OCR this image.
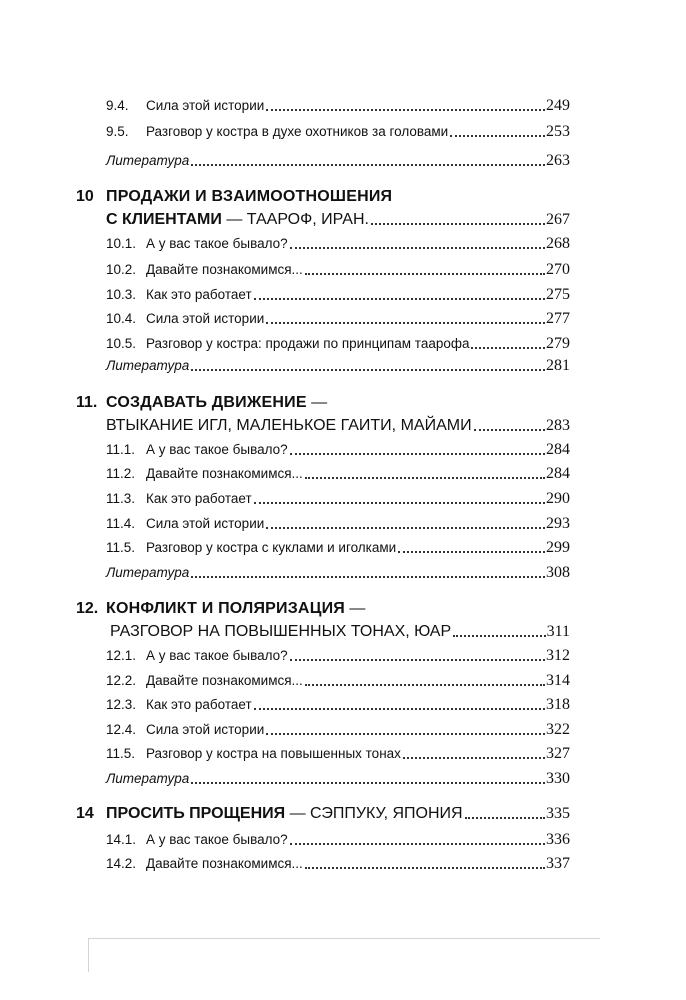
9.4.	Сила этой истории	249
9.5.	Разговор у костра в духе охотников за головами	253
Литература	263
10 ПРОДАЖИ И ВЗАИМООТНОШЕНИЯ
С КЛИЕНТАМИ — ТААРОФ, ИРАН.	267
10.1. А у вас такое бывало?	268
10.2. Давайте познакомимся...	270
10.3. Как это работает	275
10.4. Сила этой истории	277
10.5. Разговор у костра: продажи по принципам таарофа	279
Литература	281
11. СОЗДАВАТЬ ДВИЖЕНИЕ —
ВТЫКАНИЕ ИГЛ, МАЛЕНЬКОЕ ГАИТИ, МАЙАМИ	283
11.1. А у вас такое бывало?	284
11.2. Давайте познакомимся...	284
11.3. Как это работает	290
11.4. Сила этой истории	293
11.5. Разговор у костра с куклами и иголками	299
Литература	308
12. КОНФЛИКТ И ПОЛЯРИЗАЦИЯ —
РАЗГОВОР НА ПОВЫШЕННЫХ ТОНАХ, ЮАР	311
12.1. А у вас такое бывало?	312
12.2. Давайте познакомимся...	314
12.3. Как это работает	318
12.4. Сила этой истории	322
11.5. Разговор у костра на повышенных тонах	327
Литература	330
14 ПРОСИТЬ ПРОЩЕНИЯ — СЭППУКУ, ЯПОНИЯ	335
14.1. А у вас такое бывало?	336
14.2. Давайте познакомимся...	337
